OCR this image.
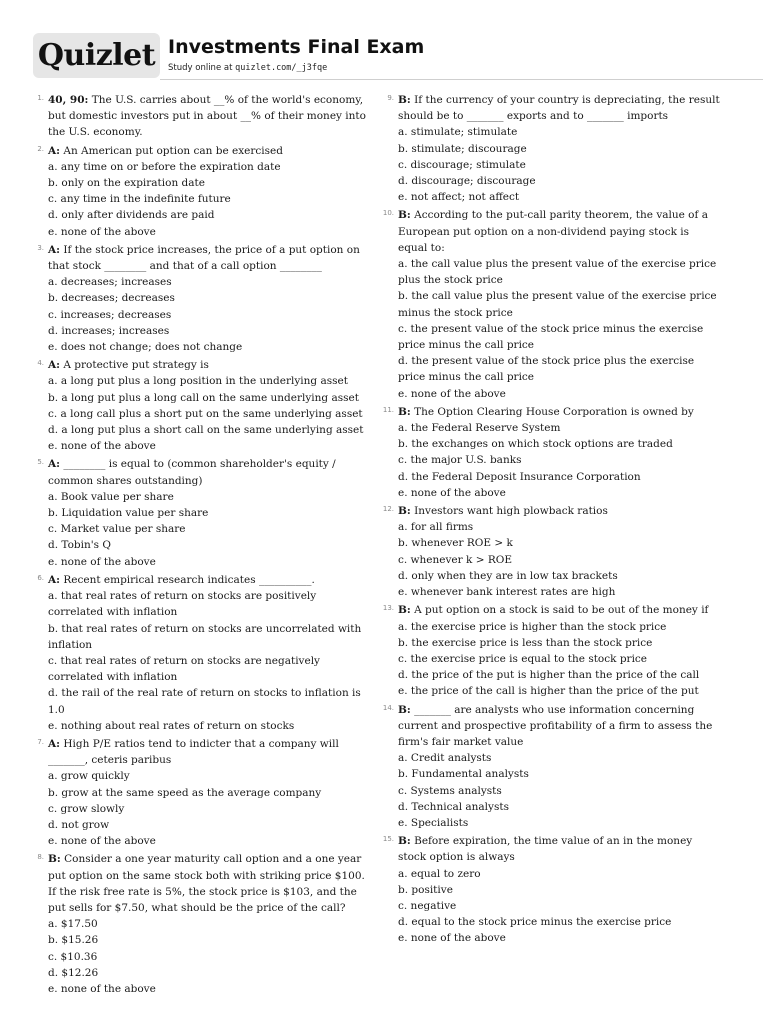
Quizlet Investments Final Exam
Study online at quizlet.com/_j3fqe
1. 40, 90: The U.S. carries about __% of the world's economy, but domestic investors put in about __% of their money into the U.S. economy.
2. A: An American put option can be exercised
a. any time on or before the expiration date
b. only on the expiration date
c. any time in the indefinite future
d. only after dividends are paid
e. none of the above
3. A: If the stock price increases, the price of a put option on that stock ________ and that of a call option ________
a. decreases; increases
b. decreases; decreases
c. increases; decreases
d. increases; increases
e. does not change; does not change
4. A: A protective put strategy is
a. a long put plus a long position in the underlying asset
b. a long put plus a long call on the same underlying asset
c. a long call plus a short put on the same underlying asset
d. a long put plus a short call on the same underlying asset
e. none of the above
5. A: ________ is equal to (common shareholder's equity / common shares outstanding)
a. Book value per share
b. Liquidation value per share
c. Market value per share
d. Tobin's Q
e. none of the above
6. A: Recent empirical research indicates __________.
a. that real rates of return on stocks are positively correlated with inflation
b. that real rates of return on stocks are uncorrelated with inflation
c. that real rates of return on stocks are negatively correlated with inflation
d. the rail of the real rate of return on stocks to inflation is 1.0
e. nothing about real rates of return on stocks
7. A: High P/E ratios tend to indicter that a company will _______, ceteris paribus
a. grow quickly
b. grow at the same speed as the average company
c. grow slowly
d. not grow
e. none of the above
8. B: Consider a one year maturity call option and a one year put option on the same stock both with striking price $100. If the risk free rate is 5%, the stock price is $103, and the put sells for $7.50, what should be the price of the call?
a. $17.50
b. $15.26
c. $10.36
d. $12.26
e. none of the above
9. B: If the currency of your country is depreciating, the result should be to _______ exports and to _______ imports
a. stimulate; stimulate
b. stimulate; discourage
c. discourage; stimulate
d. discourage; discourage
e. not affect; not affect
10. B: According to the put-call parity theorem, the value of a European put option on a non-dividend paying stock is equal to:
a. the call value plus the present value of the exercise price plus the stock price
b. the call value plus the present value of the exercise price minus the stock price
c. the present value of the stock price minus the exercise price minus the call price
d. the present value of the stock price plus the exercise price minus the call price
e. none of the above
11. B: The Option Clearing House Corporation is owned by
a. the Federal Reserve System
b. the exchanges on which stock options are traded
c. the major U.S. banks
d. the Federal Deposit Insurance Corporation
e. none of the above
12. B: Investors want high plowback ratios
a. for all firms
b. whenever ROE > k
c. whenever k > ROE
d. only when they are in low tax brackets
e. whenever bank interest rates are high
13. B: A put option on a stock is said to be out of the money if
a. the exercise price is higher than the stock price
b. the exercise price is less than the stock price
c. the exercise price is equal to the stock price
d. the price of the put is higher than the price of the call
e. the price of the call is higher than the price of the put
14. B: _______ are analysts who use information concerning current and prospective profitability of a firm to assess the firm's fair market value
a. Credit analysts
b. Fundamental analysts
c. Systems analysts
d. Technical analysts
e. Specialists
15. B: Before expiration, the time value of an in the money stock option is always
a. equal to zero
b. positive
c. negative
d. equal to the stock price minus the exercise price
e. none of the above
